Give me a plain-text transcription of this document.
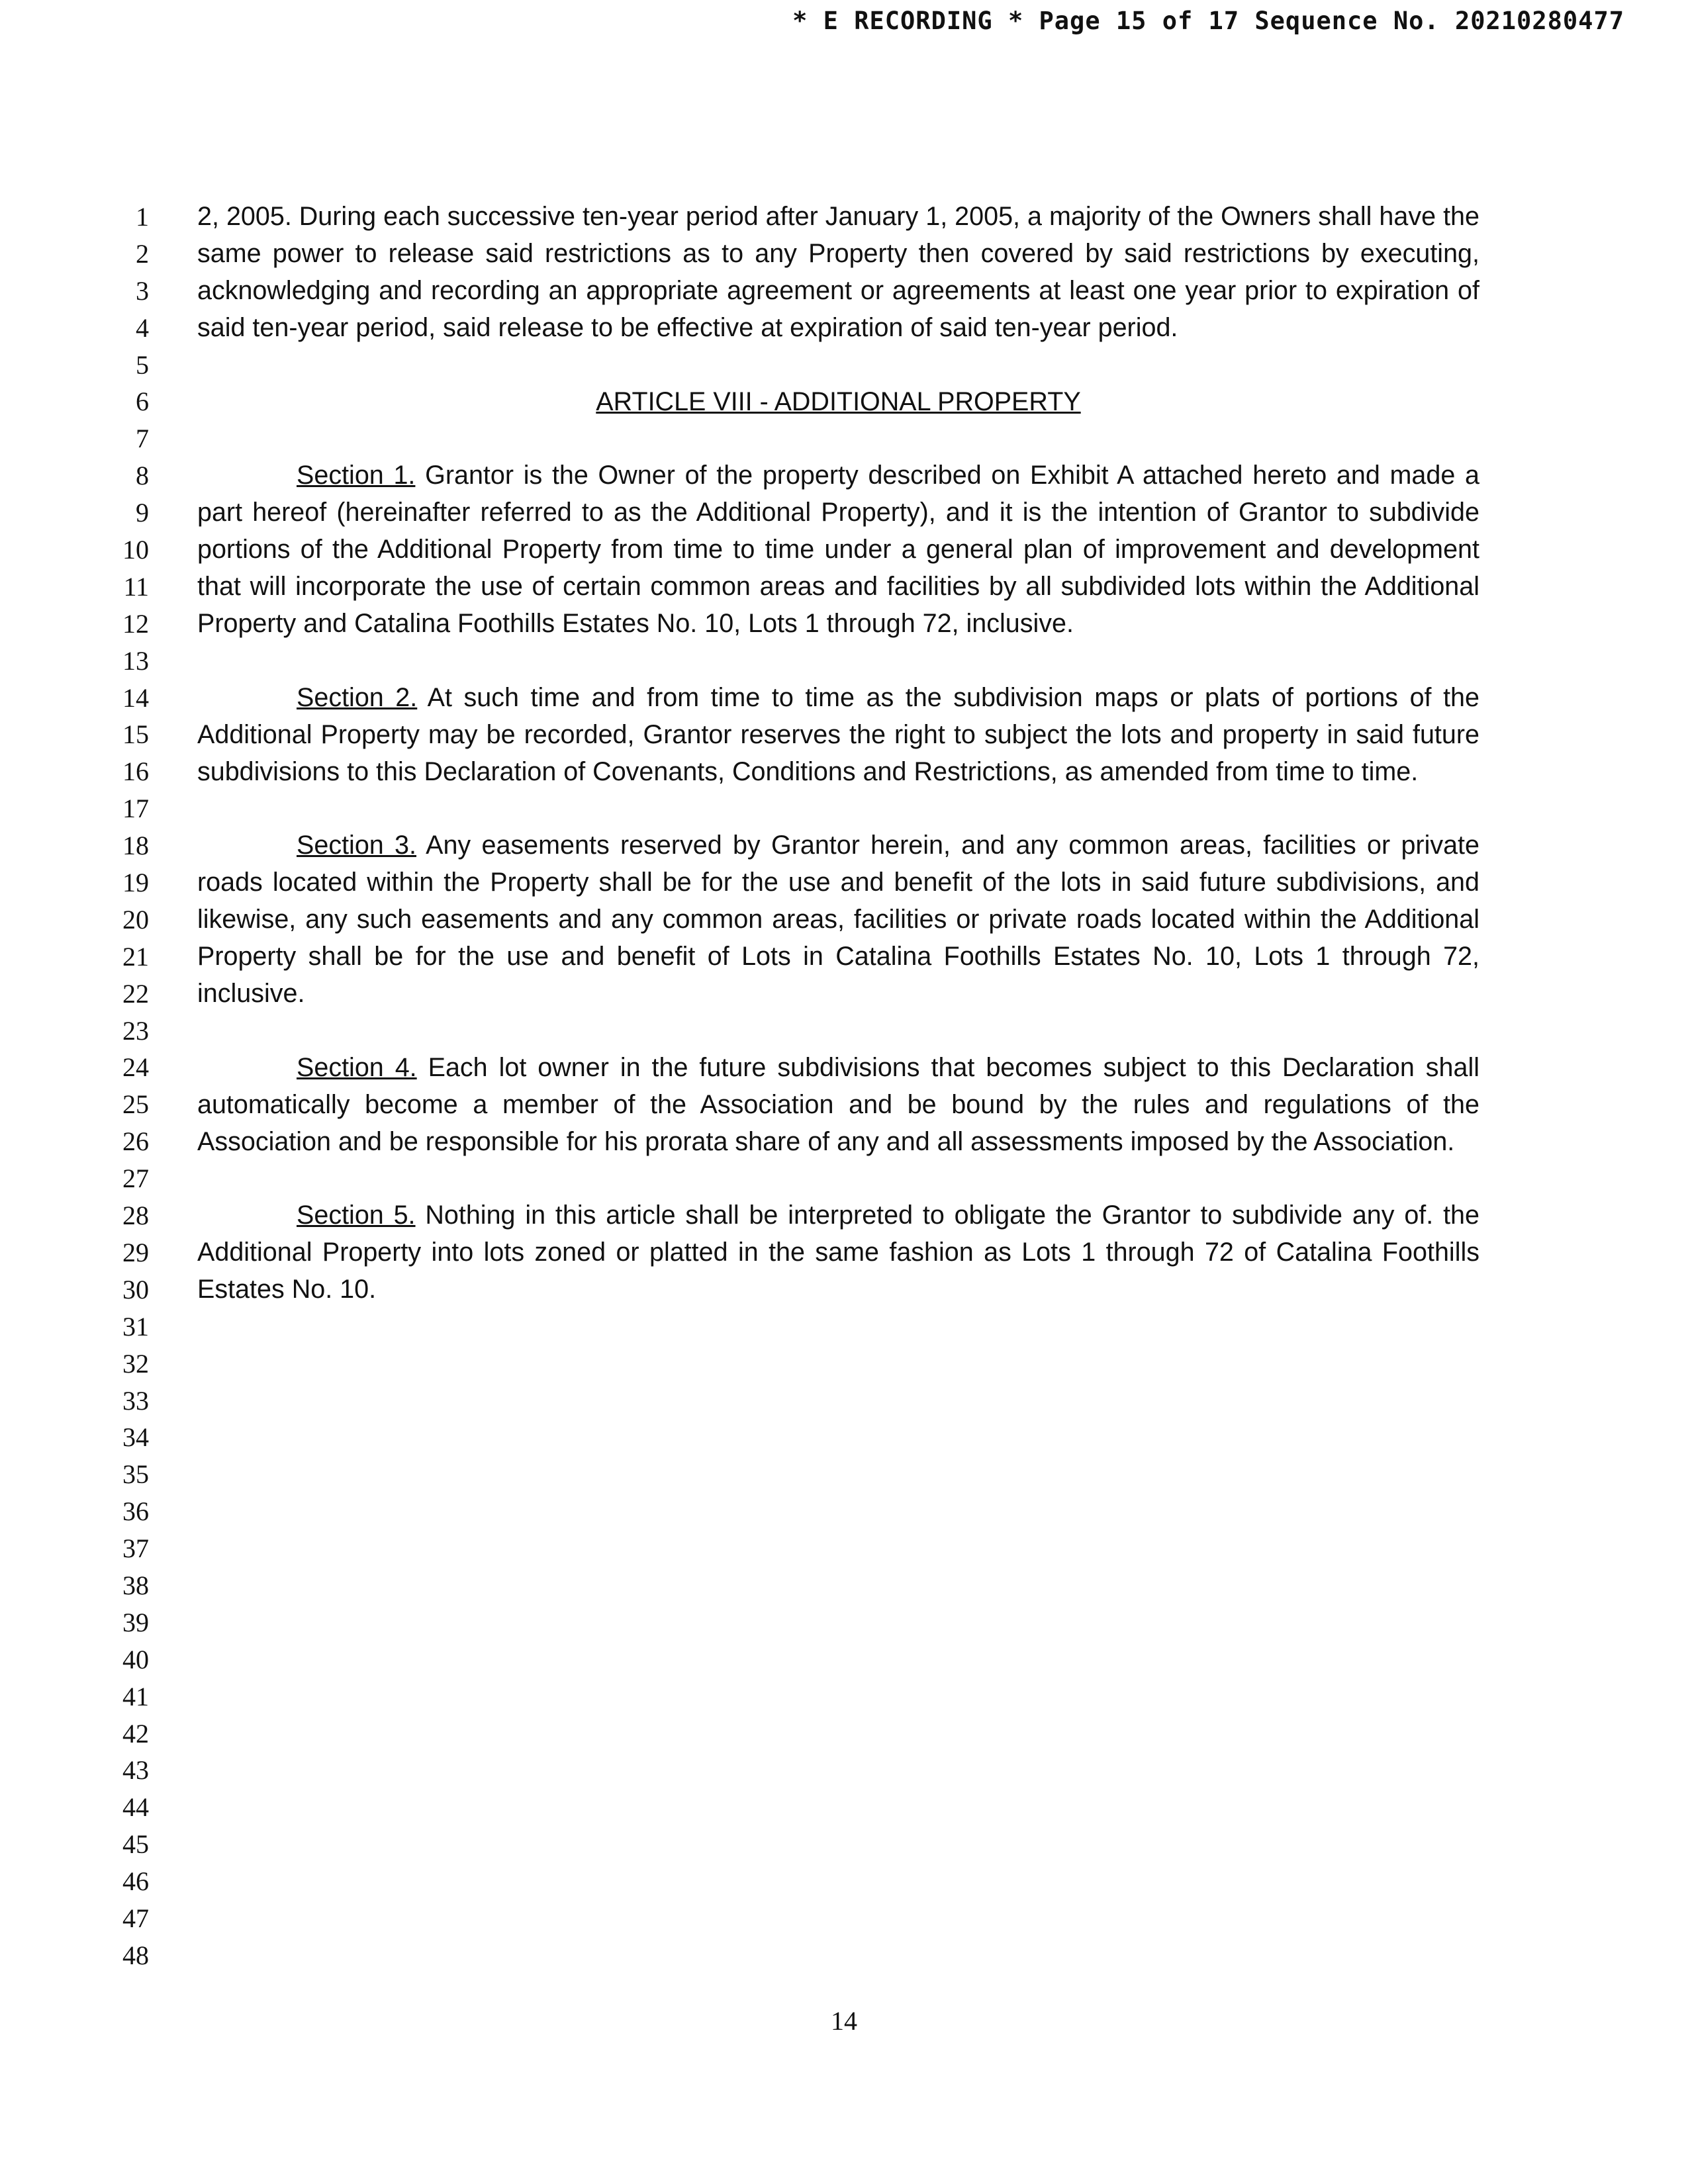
* E RECORDING * Page 15 of 17 Sequence No. 20210280477
1
2
3
4
5
6
7
8
9
10
11
12
13
14
15
16
17
18
19
20
21
22
23
24
25
26
27
28
29
30
31
32
33
34
35
36
37
38
39
40
41
42
43
44
45
46
47
48

2, 2005. During each successive ten-year period after January 1, 2005, a majority of the Owners shall have the same power to release said restrictions as to any Property then covered by said restrictions by executing, acknowledging and recording an appropriate agreement or agreements at least one year prior to expiration of said ten-year period, said release to be effective at expiration of said ten-year period.

ARTICLE VIII - ADDITIONAL PROPERTY

Section 1. Grantor is the Owner of the property described on Exhibit A attached hereto and made a part hereof (hereinafter referred to as the Additional Property), and it is the intention of Grantor to subdivide portions of the Additional Property from time to time under a general plan of improvement and development that will incorporate the use of certain common areas and facilities by all subdivided lots within the Additional Property and Catalina Foothills Estates No. 10, Lots 1 through 72, inclusive.

Section 2. At such time and from time to time as the subdivision maps or plats of portions of the Additional Property may be recorded, Grantor reserves the right to subject the lots and property in said future subdivisions to this Declaration of Covenants, Conditions and Restrictions, as amended from time to time.

Section 3. Any easements reserved by Grantor herein, and any common areas, facilities or private roads located within the Property shall be for the use and benefit of the lots in said future subdivisions, and likewise, any such easements and any common areas, facilities or private roads located within the Additional Property shall be for the use and benefit of Lots in Catalina Foothills Estates No. 10, Lots 1 through 72, inclusive.

Section 4. Each lot owner in the future subdivisions that becomes subject to this Declaration shall automatically become a member of the Association and be bound by the rules and regulations of the Association and be responsible for his prorata share of any and all assessments imposed by the Association.

Section 5. Nothing in this article shall be interpreted to obligate the Grantor to subdivide any of. the Additional Property into lots zoned or platted in the same fashion as Lots 1 through 72 of Catalina Foothills Estates No. 10.

14
